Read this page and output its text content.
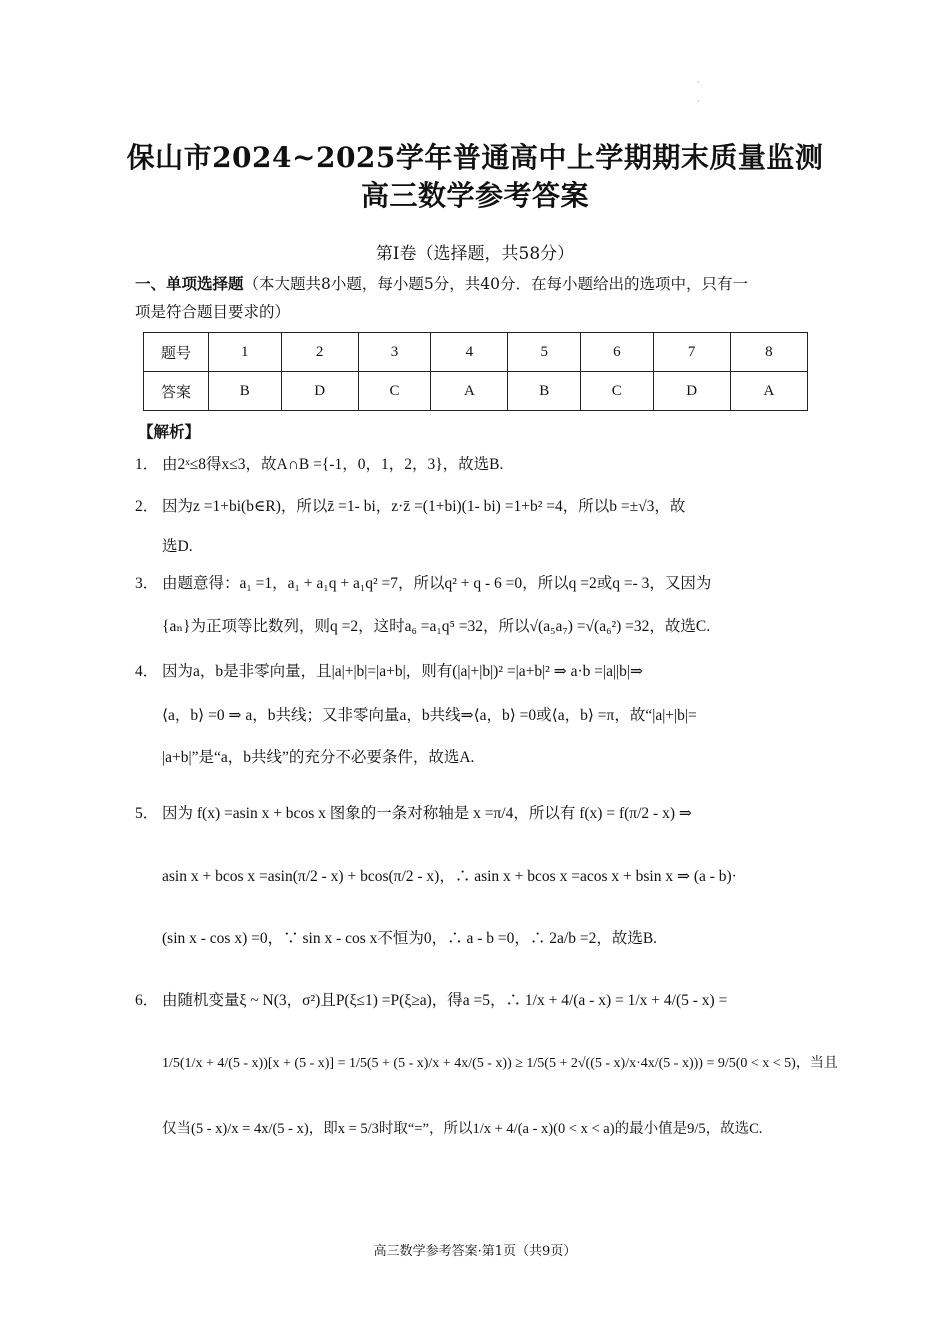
·
·
保山市2024~2025学年普通高中上学期期末质量监测
高三数学参考答案
第Ⅰ卷（选择题，共58分）
一、单项选择题（本大题共8小题，每小题5分，共40分．在每小题给出的选项中，只有一
项是符合题目要求的）
题号	1	2	3	4	5	6	7	8
答案	B	D	C	A	B	C	D	A
【解析】
1． 由2ˣ≤8得x≤3，故A∩B ={-1，0，1，2，3}，故选B.
2． 因为z =1+bi(b∈R)，所以z̄ =1- bi，z·z̄ =(1+bi)(1- bi) =1+b² =4，所以b =±√3，故
选D.
3． 由题意得：a₁ =1，a₁ + a₁q + a₁q² =7，所以q² + q - 6 =0，所以q =2或q =- 3，又因为
{aₙ}为正项等比数列，则q =2，这时a₆ =a₁q⁵ =32，所以√(a₅a₇) =√(a₆²) =32，故选C.
4． 因为a，b是非零向量，且|a|+|b|=|a+b|，则有(|a|+|b|)² =|a+b|² ⇒ a·b =|a||b|⇒
⟨a，b⟩ =0 ⇒ a，b共线；又非零向量a，b共线⇒⟨a，b⟩ =0或⟨a，b⟩ =π，故“|a|+|b|=
|a+b|”是“a，b共线”的充分不必要条件，故选A.
5． 因为 f(x) =asin x + bcos x 图象的一条对称轴是 x =π/4，所以有 f(x) = f(π/2 - x) ⇒
asin x + bcos x =asin(π/2 - x) + bcos(π/2 - x)，∴ asin x + bcos x =acos x + bsin x ⇒ (a - b)·
(sin x - cos x) =0，∵ sin x - cos x不恒为0，∴ a - b =0，∴ 2a/b =2，故选B.
6． 由随机变量ξ ~ N(3，σ²)且P(ξ≤1) =P(ξ≥a)，得a =5，∴ 1/x + 4/(a - x) = 1/x + 4/(5 - x) =
1/5(1/x + 4/(5 - x))[x + (5 - x)] = 1/5(5 + (5 - x)/x + 4x/(5 - x)) ≥ 1/5(5 + 2√((5 - x)/x·4x/(5 - x))) = 9/5(0 < x < 5)，当且
仅当(5 - x)/x = 4x/(5 - x)，即x = 5/3时取“=”，所以1/x + 4/(a - x)(0 < x < a)的最小值是9/5，故选C.
高三数学参考答案·第1页（共9页）
